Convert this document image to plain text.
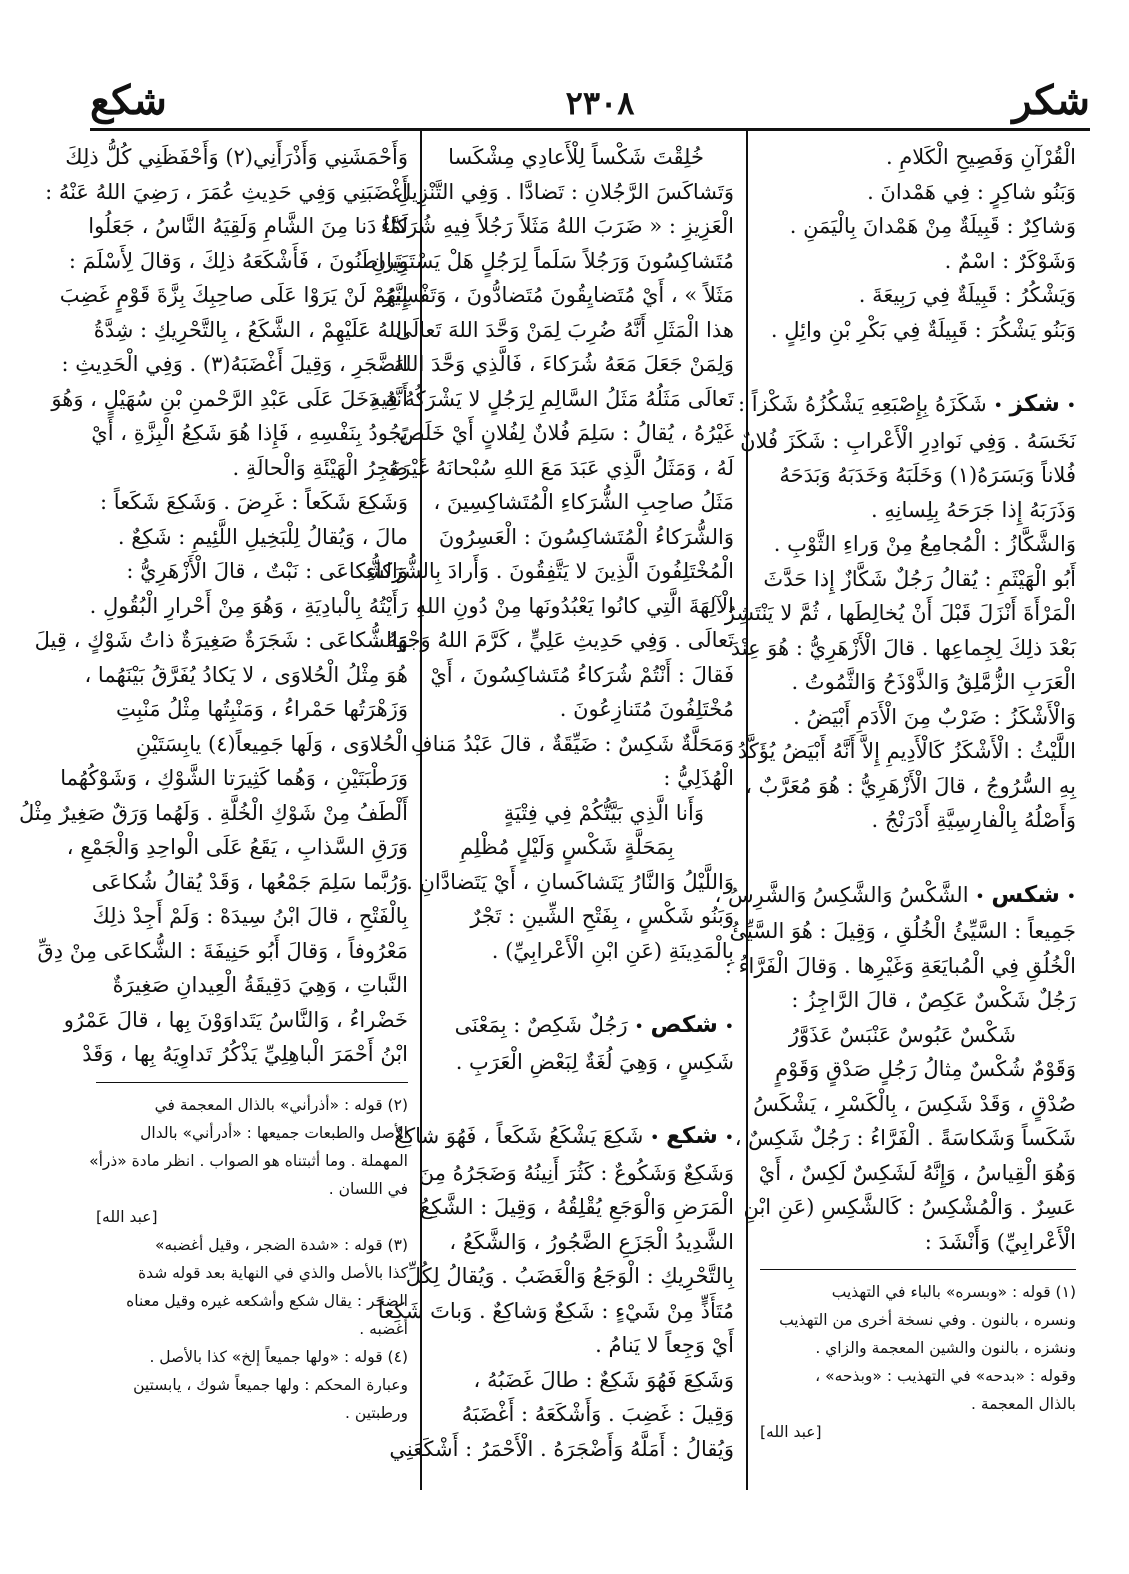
شكر
٢٣٠٨
شكع
الْقُرْآنِ وَفَصِيحِ الْكَلامِ .
وَبَنُو شاكِرٍ : فِي هَمْدانَ .
وَشاكِرٌ : قَبِيلَةٌ مِنْ هَمْدانَ بِالْيَمَنِ .
وَشَوْكَرٌ : اسْمٌ .
وَيَشْكُرُ : قَبِيلَةٌ فِي رَبِيعَةَ .
وَبَنُو يَشْكُرَ : قَبِيلَةٌ فِي بَكْرِ بْنِ وائِلٍ .
• شكز • شَكَزَهُ بِإِصْبَعِهِ يَشْكُزُهُ شَكْزاً :
نَخَسَهُ . وَفِي نَوادِرِ الْأَعْرابِ : شَكَزَ فُلانٌ
فُلاناً وَبَسَرَهُ(١) وَخَلَبَهُ وَخَدَبَهُ وَبَدَحَهُ
وَذَرَبَهُ إِذا جَرَحَهُ بِلِسانِهِ .
وَالشَّكَّازُ : الْمُجامِعُ مِنْ وَراءِ الثَّوْبِ .
أَبُو الْهَيْثَمِ : يُقالُ رَجُلٌ شَكَّازٌ إِذا حَدَّثَ
الْمَرْأَةَ أَنْزَلَ قَبْلَ أَنْ يُخالِطَها ، ثُمَّ لا يَنْتَشِرُ
بَعْدَ ذلِكَ لِجِماعِها . قالَ الْأَزْهَرِيُّ : هُوَ عِنْدَ
الْعَرَبِ الزُّمَّلِقُ وَالذَّوْذَحُ وَالثَّمُوتُ .
وَالْأَشْكَزُ : ضَرْبٌ مِنَ الْأَدَمِ أَبْيَضُ .
اللَّيْثُ : الْأَشْكَزُ كَالْأَدِيمِ إِلاَّ أَنَّهُ أَبْيَضُ يُؤَكَّدُ
بِهِ السُّرُوجُ ، قالَ الْأَزْهَرِيُّ : هُوَ مُعَرَّبٌ ،
وَأَصْلُهُ بِالْفارِسِيَّةِ أَدْرَنْجُ .
• شكس • الشَّكْسُ وَالشَّكِسُ وَالشَّرِسُ ،
جَمِيعاً : السَّيِّئُ الْخُلُقِ ، وَقِيلَ : هُوَ السَّيِّئُ
الْخُلُقِ فِي الْمُبايَعَةِ وَغَيْرِها . وَقالَ الْفَرَّاءُ :
رَجُلٌ شَكْسٌ عَكِصٌ ، قالَ الرَّاجِزُ :
شَكْسٌ عَبُوسٌ عَنْبَسٌ عَذَوَّرُ
وَقَوْمٌ شُكْسٌ مِثالُ رَجُلٍ صَدْقٍ وَقَوْمٍ
صُدْقٍ ، وَقَدْ شَكِسَ ، بِالْكَسْرِ ، يَشْكَسُ
شَكَساً وَشَكاسَةً . الْفَرَّاءُ : رَجُلٌ شَكِسٌ ،
وَهُوَ الْقِياسُ ، وَإِنَّهُ لَشَكِسٌ لَكِسٌ ، أَيْ
عَسِرٌ . وَالْمُشْكِسُ : كَالشَّكِسِ (عَنِ ابْنِ
الْأَعْرابِيِّ) وَأَنْشَدَ :
(١) قوله : «وبسره» بالباء في التهذيب
ونسره ، بالنون . وفي نسخة أخرى من التهذيب
ونشزه ، بالنون والشين المعجمة والزاي .
وقوله : «بدحه» في التهذيب : «وبذحه» ،
بالذال المعجمة .
[عبد الله]
خُلِقْتَ شَكْساً لِلْأَعادِي مِشْكَسا
وَتَشاكَسَ الرَّجُلانِ : تَضادَّا . وَفِي التَّنْزِيلِ
الْعَزِيزِ : « ضَرَبَ اللهُ مَثَلاً رَجُلاً فِيهِ شُرَكاءُ
مُتَشاكِسُونَ وَرَجُلاً سَلَماً لِرَجُلٍ هَلْ يَسْتَوِيانِ
مَثَلاً » ، أَيْ مُتَضايِقُونَ مُتَضادُّونَ ، وَتَفْسِيرُ
هذا الْمَثَلِ أَنَّهُ ضُرِبَ لِمَنْ وَحَّدَ اللهَ تَعالَى
وَلِمَنْ جَعَلَ مَعَهُ شُرَكاءَ ، فَالَّذِي وَحَّدَ اللهَ
تَعالَى مَثَلُهُ مَثَلُ السَّالِمِ لِرَجُلٍ لا يَشْرَكُهُ فِيهِ
غَيْرُهُ ، يُقالُ : سَلِمَ فُلانٌ لِفُلانٍ أَيْ خَلَصَ
لَهُ ، وَمَثَلُ الَّذِي عَبَدَ مَعَ اللهِ سُبْحانَهُ غَيْرَهُ
مَثَلُ صاحِبِ الشُّرَكاءِ الْمُتَشاكِسِينَ ،
وَالشُّرَكاءُ الْمُتَشاكِسُونَ : الْعَسِرُونَ
الْمُخْتَلِفُونَ الَّذِينَ لا يَتَّفِقُونَ . وَأَرادَ بِالشُّرَكاءِ
الْآلِهَةَ الَّتِي كانُوا يَعْبُدُونَها مِنْ دُونِ اللهِ
تَعالَى . وَفِي حَدِيثِ عَلِيٍّ ، كَرَّمَ اللهُ وَجْهَهُ ،
فَقالَ : أَنْتُمْ شُرَكاءُ مُتَشاكِسُونَ ، أَيْ
مُخْتَلِفُونَ مُتَنازِعُونَ .
وَمَحَلَّةٌ شَكِسٌ : ضَيِّقَةٌ ، قالَ عَبْدُ مَنافِ
الْهُذَلِيُّ :
وَأَنا الَّذِي بَيَّتُّكُمْ فِي فِتْيَةٍ
بِمَحَلَّةٍ شَكْسٍ وَلَيْلٍ مُظْلِمِ
وَاللَّيْلُ وَالنَّارُ يَتَشاكَسانِ ، أَيْ يَتَضادَّانِ .
وَبَنُو شَكْسٍ ، بِفَتْحِ الشِّينِ : تَجْرٌ
بِالْمَدِينَةِ (عَنِ ابْنِ الْأَعْرابِيِّ) .
• شكص • رَجُلٌ شَكِصٌ : بِمَعْنَى
شَكِسٍ ، وَهِيَ لُغَةٌ لِبَعْضِ الْعَرَبِ .
• شكع • شَكِعَ يَشْكَعُ شَكَعاً ، فَهُوَ شاكِعٌ
وَشَكِعٌ وَشَكُوعٌ : كَثُرَ أَنِينُهُ وَضَجَرُهُ مِنَ
الْمَرَضِ وَالْوَجَعِ يُقْلِقُهُ ، وَقِيلَ : الشَّكِعُ
الشَّدِيدُ الْجَزَعِ الضَّجُورُ ، وَالشَّكَعُ ،
بِالتَّحْرِيكِ : الْوَجَعُ وَالْغَضَبُ . وَيُقالُ لِكُلِّ
مُتَأَذٍّ مِنْ شَيْءٍ : شَكِعٌ وَشاكِعٌ . وَباتَ شَكِعاً
أَيْ وَجِعاً لا يَنامُ .
وَشَكِعَ فَهُوَ شَكِعٌ : طالَ غَضَبُهُ ،
وَقِيلَ : غَضِبَ . وَأَشْكَعَهُ : أَغْضَبَهُ
وَيُقالُ : أَمَلَّهُ وَأَضْجَرَهُ . الْأَحْمَرُ : أَشْكَعَنِي
وَأَحْمَشَنِي وَأَذْرَأَنِي(٢) وَأَحْفَظَنِي كُلُّ ذلِكَ
أَغْضَبَنِي وَفِي حَدِيثِ عُمَرَ ، رَضِيَ اللهُ عَنْهُ :
لَمَّا دَنا مِنَ الشَّامِ وَلَقِيَهُ النَّاسُ ، جَعَلُوا
يَتَراطَنُونَ ، فَأَشْكَعَهُ ذلِكَ ، وَقالَ لِأَسْلَمَ :
إِنَّهُمْ لَنْ يَرَوْا عَلَى صاحِبِكَ بِزَّةَ قَوْمٍ غَضِبَ
اللهُ عَلَيْهِمْ ، الشَّكَعُ ، بِالتَّحْرِيكِ : شِدَّةُ
الضَّجَرِ ، وَقِيلَ أَغْضَبَهُ(٣) . وَفِي الْحَدِيثِ :
أَنَّهُ دَخَلَ عَلَى عَبْدِ الرَّحْمنِ بْنِ سُهَيْلٍ ، وَهُوَ
يَجُودُ بِنَفْسِهِ ، فَإِذا هُوَ شَكِعُ الْبِزَّةِ ، أَيْ
ضَجِرُ الْهَيْئَةِ وَالْحالَةِ .
وَشَكِعَ شَكَعاً : غَرِضَ . وَشَكِعَ شَكَعاً :
مالَ ، وَيُقالُ لِلْبَخِيلِ اللَّئِيمِ : شَكِعٌ .
وَالشُّكاعَى : نَبْتٌ ، قالَ الْأَزْهَرِيُّ :
رَأَيْتُهُ بِالْبادِيَةِ ، وَهُوَ مِنْ أَحْرارِ الْبُقُولِ .
وَالشُّكاعَى : شَجَرَةٌ صَغِيرَةٌ ذاتُ شَوْكٍ ، قِيلَ
هُوَ مِثْلُ الْحُلاوَى ، لا يَكادُ يُفَرَّقُ بَيْنَهُما ،
وَزَهْرَتُها حَمْراءُ ، وَمَنْبِتُها مِثْلُ مَنْبِتِ
الْحُلاوَى ، وَلَها جَمِيعاً(٤) يابِسَتَيْنِ
وَرَطْبَتَيْنِ ، وَهُما كَثِيرَتا الشَّوْكِ ، وَشَوْكُهُما
أَلْطَفُ مِنْ شَوْكِ الْخُلَّةِ . وَلَهُما وَرَقٌ صَغِيرٌ مِثْلُ
وَرَقِ السَّذابِ ، يَقَعُ عَلَى الْواحِدِ وَالْجَمْعِ ،
وَرُبَّما سَلِمَ جَمْعُها ، وَقَدْ يُقالُ شُكاعَى
بِالْفَتْحِ ، قالَ ابْنُ سِيدَهْ : وَلَمْ أَجِدْ ذلِكَ
مَعْرُوفاً ، وَقالَ أَبُو حَنِيفَةَ : الشُّكاعَى مِنْ دِقِّ
النَّباتِ ، وَهِيَ دَقِيقَةُ الْعِيدانِ صَغِيرَةٌ
خَضْراءُ ، وَالنَّاسُ يَتَداوَوْنَ بِها ، قالَ عَمْرُو
ابْنُ أَحْمَرَ الْباهِلِيِّ يَذْكُرُ تَداوِيَهُ بِها ، وَقَدْ
(٢) قوله : «أذرأني» بالذال المعجمة في
الأصل والطبعات جميعها : «أدرأني» بالدال
المهملة . وما أثبتناه هو الصواب . انظر مادة «ذرأ»
في اللسان .
[عبد الله]
(٣) قوله : «شدة الضجر ، وقيل أغضبه»
كذا بالأصل والذي في النهاية بعد قوله شدة
الضجر : يقال شكع وأشكعه غيره وقيل معناه
أغضبه .
(٤) قوله : «ولها جميعاً إلخ» كذا بالأصل .
وعبارة المحكم : ولها جميعاً شوك ، يابستين
ورطبتين .
